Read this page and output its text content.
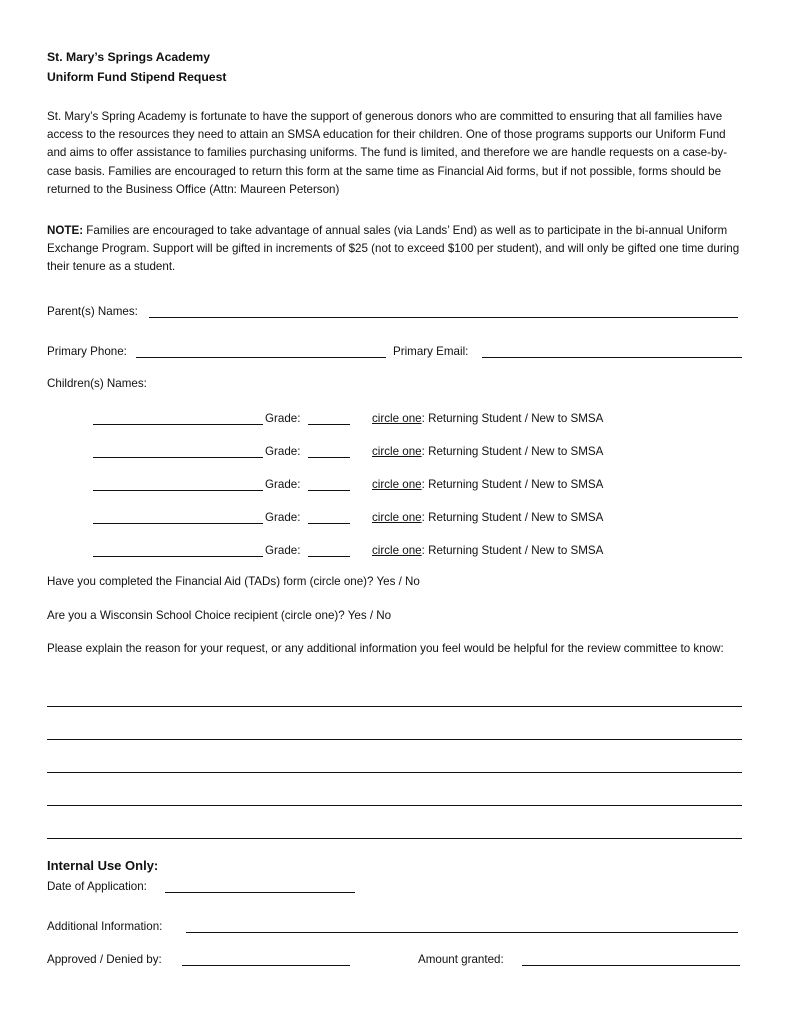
St. Mary’s Springs Academy
Uniform Fund Stipend Request
St. Mary’s Spring Academy is fortunate to have the support of generous donors who are committed to ensuring that all families have access to the resources they need to attain an SMSA education for their children. One of those programs supports our Uniform Fund and aims to offer assistance to families purchasing uniforms. The fund is limited, and therefore we are handle requests on a case-by-case basis. Families are encouraged to return this form at the same time as Financial Aid forms, but if not possible, forms should be returned to the Business Office (Attn: Maureen Peterson)
NOTE: Families are encouraged to take advantage of annual sales (via Lands’ End) as well as to participate in the bi-annual Uniform Exchange Program. Support will be gifted in increments of $25 (not to exceed $100 per student), and will only be gifted one time during their tenure as a student.
Parent(s) Names:
Primary Phone:	Primary Email:
Children(s) Names:
Grade:	circle one: Returning Student / New to SMSA
Grade:	circle one: Returning Student / New to SMSA
Grade:	circle one: Returning Student / New to SMSA
Grade:	circle one: Returning Student / New to SMSA
Grade:	circle one: Returning Student / New to SMSA
Have you completed the Financial Aid (TADs) form (circle one)? Yes / No
Are you a Wisconsin School Choice recipient (circle one)? Yes / No
Please explain the reason for your request, or any additional information you feel would be helpful for the review committee to know:
Internal Use Only:
Date of Application:
Additional Information:
Approved / Denied by:	Amount granted:
